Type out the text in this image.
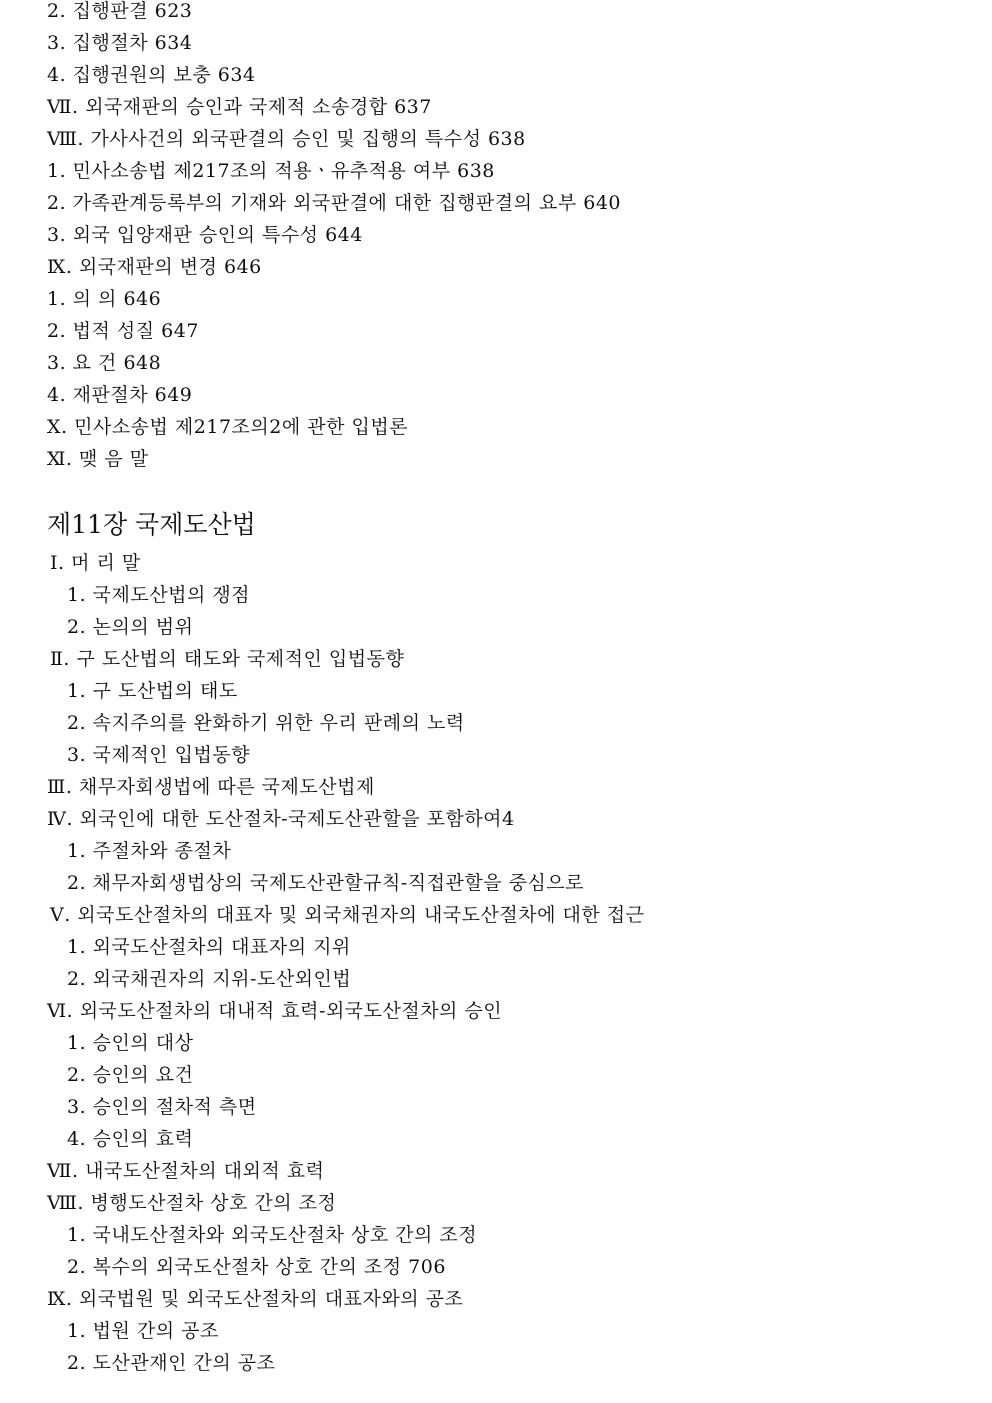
2. 집행판결 623
3. 집행절차 634
4. 집행권원의 보충 634
Ⅶ. 외국재판의 승인과 국제적 소송경합 637
Ⅷ. 가사사건의 외국판결의 승인 및 집행의 특수성 638
1. 민사소송법 제217조의 적용ㆍ유추적용 여부 638
2. 가족관계등록부의 기재와 외국판결에 대한 집행판결의 요부 640
3. 외국 입양재판 승인의 특수성 644
Ⅸ. 외국재판의 변경 646
1. 의 의 646
2. 법적 성질 647
3. 요 건 648
4. 재판절차 649
Ⅹ. 민사소송법 제217조의2에 관한 입법론
Ⅺ. 맺 음 말
제11장 국제도산법
Ⅰ. 머 리 말
1. 국제도산법의 쟁점
2. 논의의 범위
Ⅱ. 구 도산법의 태도와 국제적인 입법동향
1. 구 도산법의 태도
2. 속지주의를 완화하기 위한 우리 판례의 노력
3. 국제적인 입법동향
Ⅲ. 채무자회생법에 따른 국제도산법제
Ⅳ. 외국인에 대한 도산절차-국제도산관할을 포함하여4
1. 주절차와 종절차
2. 채무자회생법상의 국제도산관할규칙-직접관할을 중심으로
Ⅴ. 외국도산절차의 대표자 및 외국채권자의 내국도산절차에 대한 접근
1. 외국도산절차의 대표자의 지위
2. 외국채권자의 지위-도산외인법
Ⅵ. 외국도산절차의 대내적 효력-외국도산절차의 승인
1. 승인의 대상
2. 승인의 요건
3. 승인의 절차적 측면
4. 승인의 효력
Ⅶ. 내국도산절차의 대외적 효력
Ⅷ. 병행도산절차 상호 간의 조정
1. 국내도산절차와 외국도산절차 상호 간의 조정
2. 복수의 외국도산절차 상호 간의 조정 706
Ⅸ. 외국법원 및 외국도산절차의 대표자와의 공조
1. 법원 간의 공조
2. 도산관재인 간의 공조
